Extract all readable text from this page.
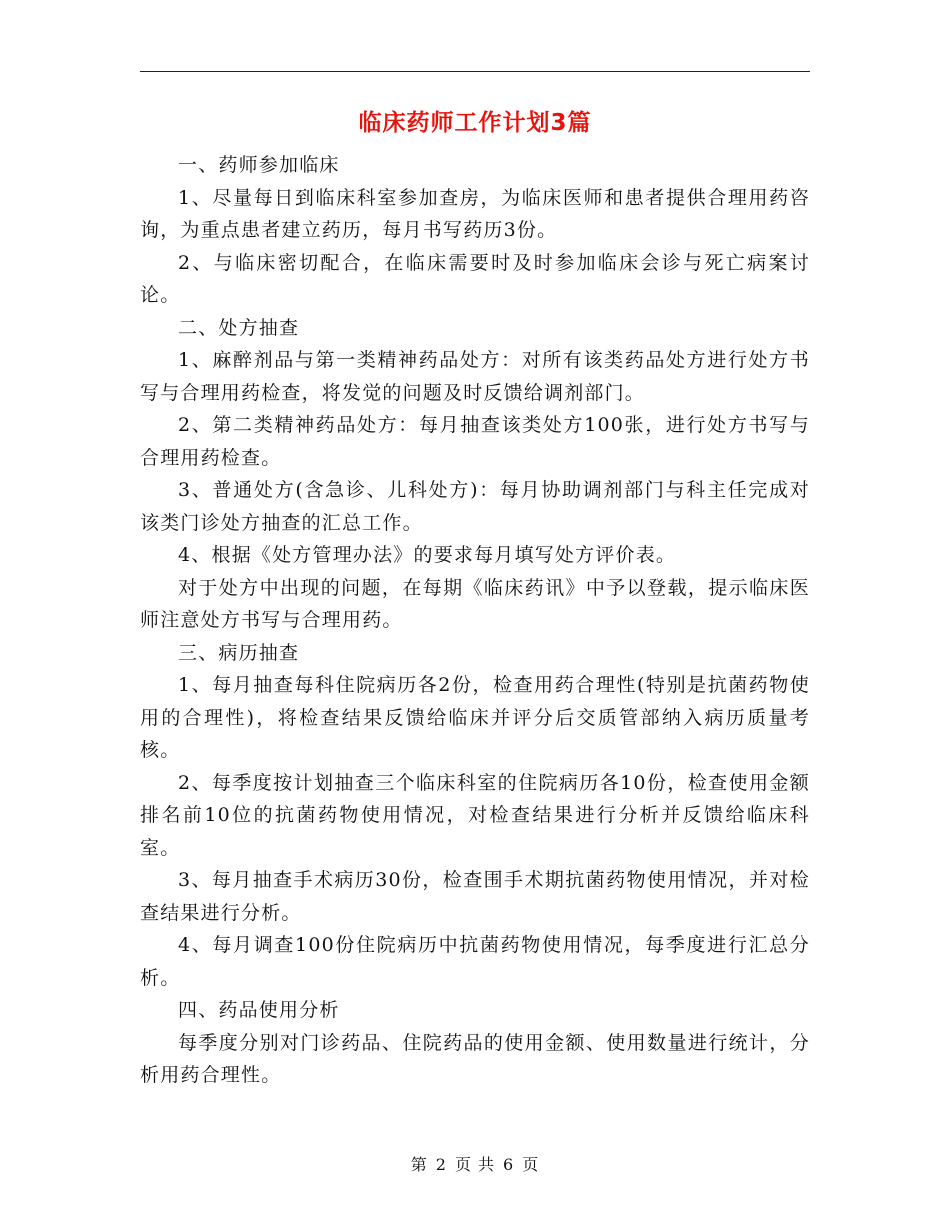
临床药师工作计划3篇

一、药师参加临床

1、尽量每日到临床科室参加查房，为临床医师和患者提供合理用药咨询，为重点患者建立药历，每月书写药历3份。

2、与临床密切配合，在临床需要时及时参加临床会诊与死亡病案讨论。

二、处方抽查

1、麻醉剂品与第一类精神药品处方：对所有该类药品处方进行处方书写与合理用药检查，将发觉的问题及时反馈给调剂部门。

2、第二类精神药品处方：每月抽查该类处方100张，进行处方书写与合理用药检查。

3、普通处方(含急诊、儿科处方)：每月协助调剂部门与科主任完成对该类门诊处方抽查的汇总工作。

4、根据《处方管理办法》的要求每月填写处方评价表。

对于处方中出现的问题，在每期《临床药讯》中予以登载，提示临床医师注意处方书写与合理用药。

三、病历抽查

1、每月抽查每科住院病历各2份，检查用药合理性(特别是抗菌药物使用的合理性)，将检查结果反馈给临床并评分后交质管部纳入病历质量考核。

2、每季度按计划抽查三个临床科室的住院病历各10份，检查使用金额排名前10位的抗菌药物使用情况，对检查结果进行分析并反馈给临床科室。

3、每月抽查手术病历30份，检查围手术期抗菌药物使用情况，并对检查结果进行分析。

4、每月调查100份住院病历中抗菌药物使用情况，每季度进行汇总分析。

四、药品使用分析

每季度分别对门诊药品、住院药品的使用金额、使用数量进行统计，分析用药合理性。

第 2 页 共 6 页
